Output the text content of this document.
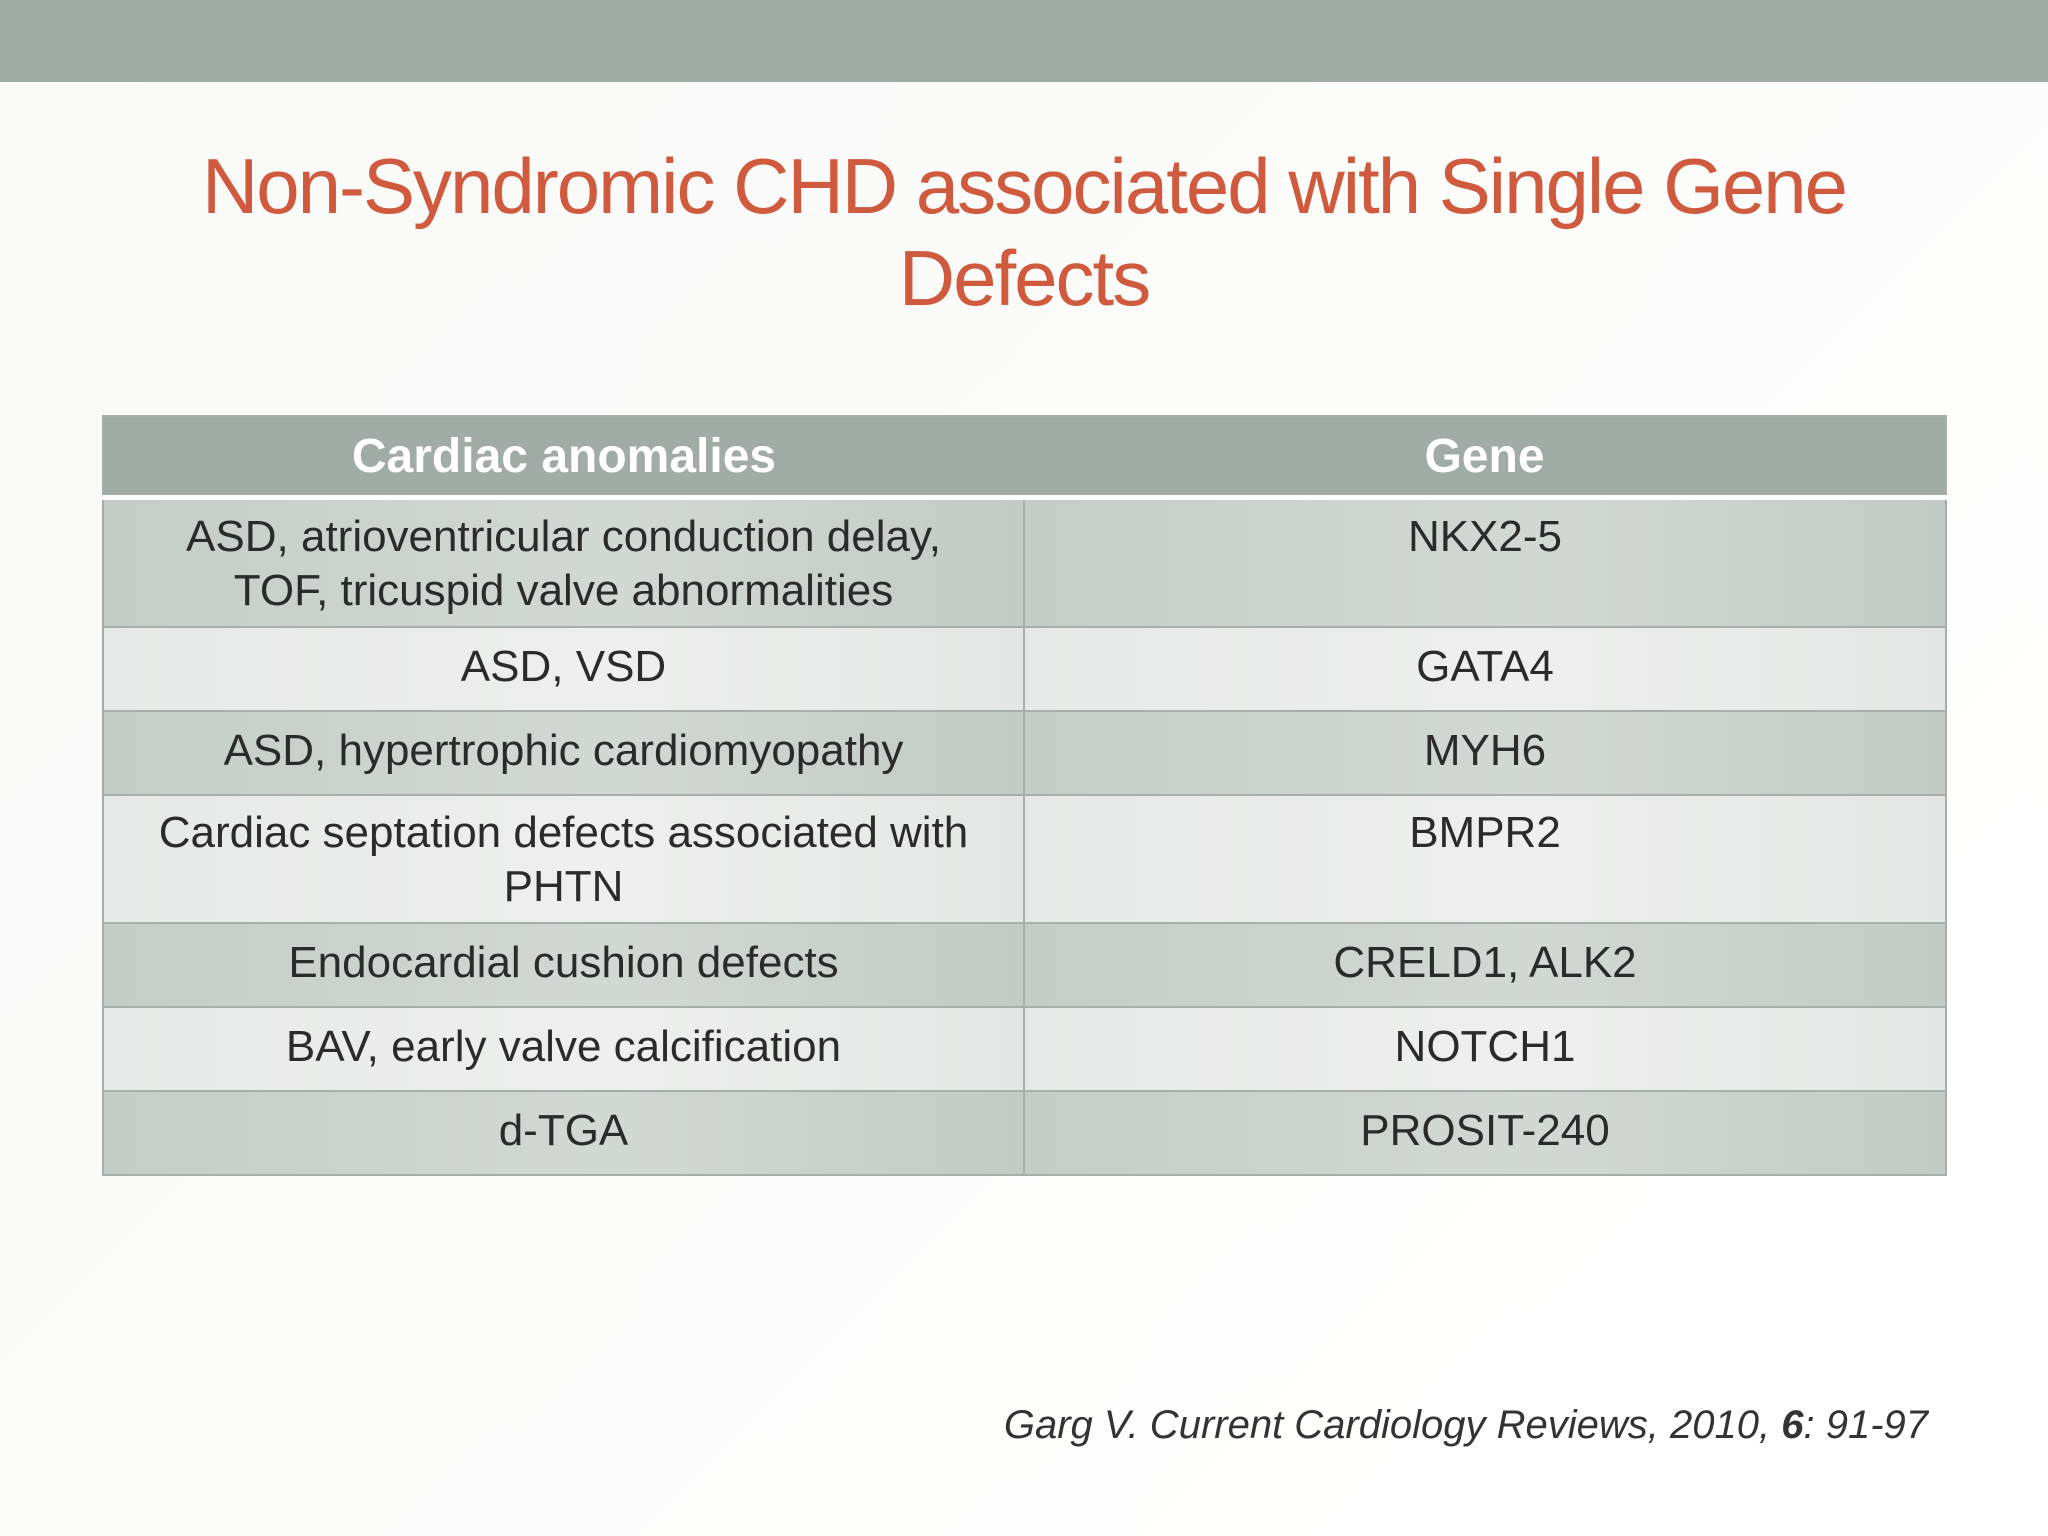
Non-Syndromic CHD associated with Single Gene Defects
Cardiac anomalies	Gene
ASD, atrioventricular conduction delay, TOF, tricuspid valve abnormalities	NKX2-5
ASD, VSD	GATA4
ASD, hypertrophic cardiomyopathy	MYH6
Cardiac septation defects associated with PHTN	BMPR2
Endocardial cushion defects	CRELD1, ALK2
BAV, early valve calcification	NOTCH1
d-TGA	PROSIT-240
Garg V. Current Cardiology Reviews, 2010, 6: 91-97
